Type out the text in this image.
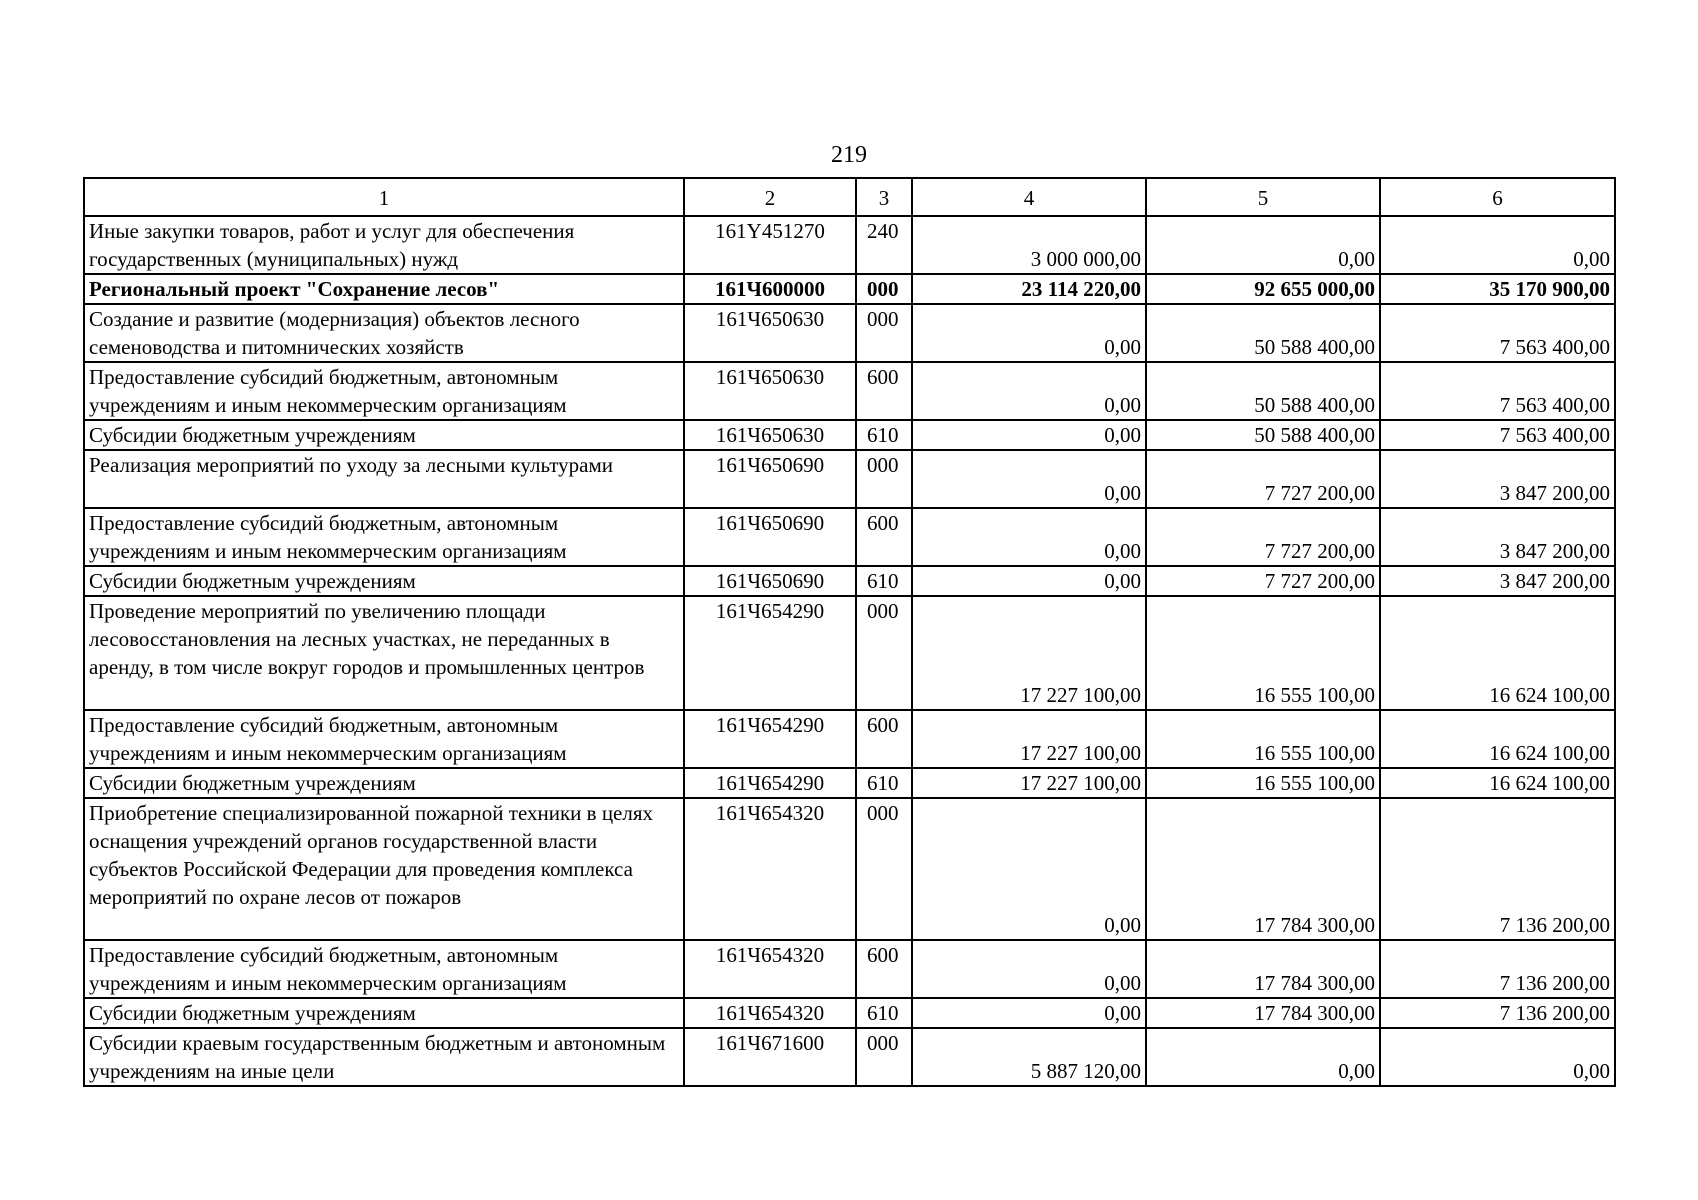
219
1	2	3	4	5	6
Иные закупки товаров, работ и услуг для обеспечения государственных (муниципальных) нужд	161Y451270	240	3 000 000,00	0,00	0,00
Региональный проект "Сохранение лесов"	161Ч600000	000	23 114 220,00	92 655 000,00	35 170 900,00
Создание и развитие (модернизация) объектов лесного семеноводства и питомнических хозяйств	161Ч650630	000	0,00	50 588 400,00	7 563 400,00
Предоставление субсидий бюджетным, автономным учреждениям и иным некоммерческим организациям	161Ч650630	600	0,00	50 588 400,00	7 563 400,00
Субсидии бюджетным учреждениям	161Ч650630	610	0,00	50 588 400,00	7 563 400,00
Реализация мероприятий по уходу за лесными культурами	161Ч650690	000	0,00	7 727 200,00	3 847 200,00
Предоставление субсидий бюджетным, автономным учреждениям и иным некоммерческим организациям	161Ч650690	600	0,00	7 727 200,00	3 847 200,00
Субсидии бюджетным учреждениям	161Ч650690	610	0,00	7 727 200,00	3 847 200,00
Проведение мероприятий по увеличению площади лесовосстановления на лесных участках, не переданных в аренду, в том числе вокруг городов и промышленных центров	161Ч654290	000	17 227 100,00	16 555 100,00	16 624 100,00
Предоставление субсидий бюджетным, автономным учреждениям и иным некоммерческим организациям	161Ч654290	600	17 227 100,00	16 555 100,00	16 624 100,00
Субсидии бюджетным учреждениям	161Ч654290	610	17 227 100,00	16 555 100,00	16 624 100,00
Приобретение специализированной пожарной техники в целях оснащения учреждений органов государственной власти субъектов Российской Федерации для проведения комплекса мероприятий по охране лесов от пожаров	161Ч654320	000	0,00	17 784 300,00	7 136 200,00
Предоставление субсидий бюджетным, автономным учреждениям и иным некоммерческим организациям	161Ч654320	600	0,00	17 784 300,00	7 136 200,00
Субсидии бюджетным учреждениям	161Ч654320	610	0,00	17 784 300,00	7 136 200,00
Субсидии краевым государственным бюджетным и автономным учреждениям на иные цели	161Ч671600	000	5 887 120,00	0,00	0,00
